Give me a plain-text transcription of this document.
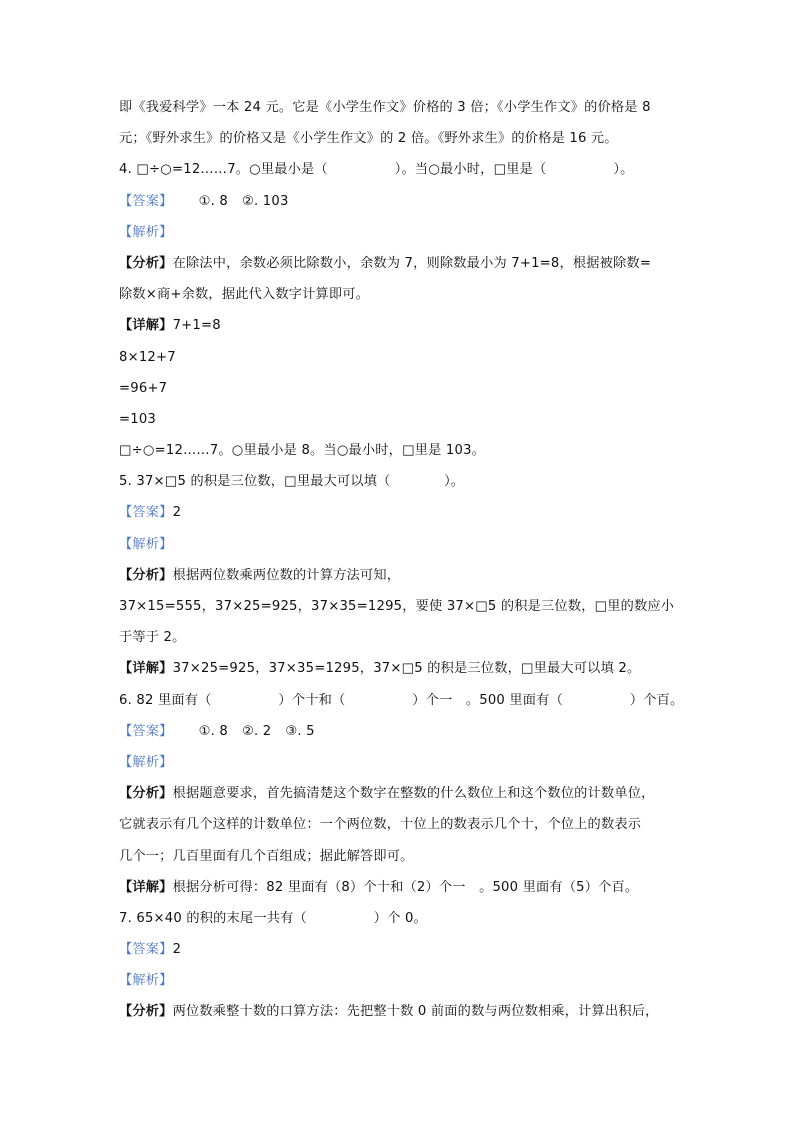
即《我爱科学》一本 24 元。它是《小学生作文》价格的 3 倍；《小学生作文》的价格是 8
元；《野外求生》的价格又是《小学生作文》的 2 倍。《野外求生》的价格是 16 元。
4. □÷○=12……7。○里最小是（　　　　　）。当○最小时，□里是（　　　　　）。
【答案】 ①. 8 ②. 103
【解析】
【分析】在除法中，余数必须比除数小，余数为 7，则除数最小为 7+1=8，根据被除数=
除数×商+余数，据此代入数字计算即可。
【详解】7+1=8
8×12+7
=96+7
=103
□÷○=12……7。○里最小是 8。当○最小时，□里是 103。
5. 37×□5 的积是三位数，□里最大可以填（　　　　）。
【答案】2
【解析】
【分析】根据两位数乘两位数的计算方法可知，
37×15=555，37×25=925，37×35=1295，要使 37×□5 的积是三位数，□里的数应小
于等于 2。
【详解】37×25=925，37×35=1295，37×□5 的积是三位数，□里最大可以填 2。
6. 82 里面有（　　　　　）个十和（　　　　　）个一　。500 里面有（　　　　　）个百。
【答案】 ①. 8 ②. 2 ③. 5
【解析】
【分析】根据题意要求，首先搞清楚这个数字在整数的什么数位上和这个数位的计数单位，
它就表示有几个这样的计数单位：一个两位数，十位上的数表示几个十，个位上的数表示
几个一；几百里面有几个百组成；据此解答即可。
【详解】根据分析可得：82 里面有（8）个十和（2）个一　。500 里面有（5）个百。
7. 65×40 的积的末尾一共有（　　　　　）个 0。
【答案】2
【解析】
【分析】两位数乘整十数的口算方法：先把整十数 0 前面的数与两位数相乘，计算出积后，
